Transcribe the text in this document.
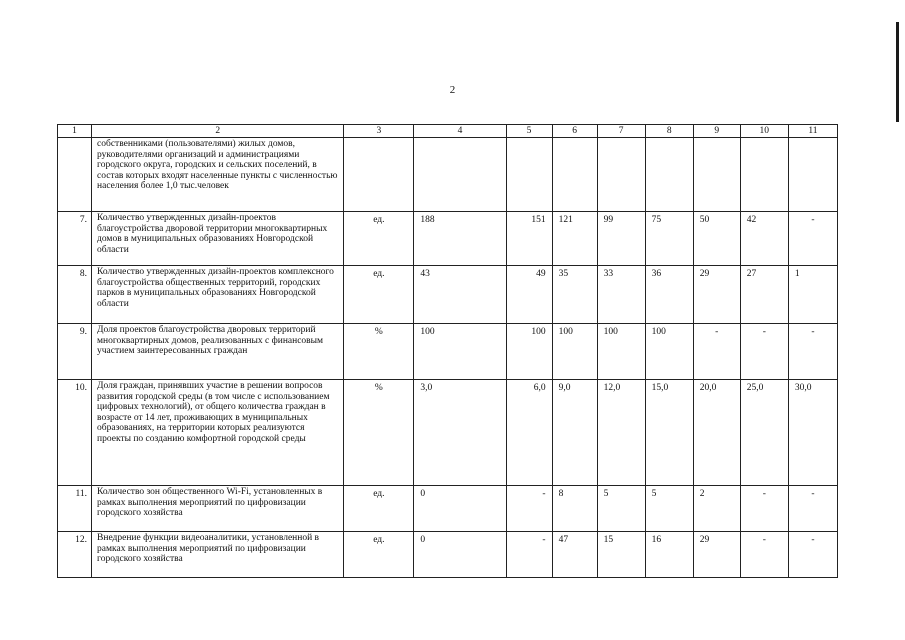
2
1	2	3	4	5	6	7	8	9	10	11
	собственниками (пользователями) жилых домов, руководителями организаций и администрациями городского округа, городских и сельских поселений, в состав которых входят населенные пункты с численностью населения более 1,0 тыс.человек									
7.	Количество утвержденных дизайн-проектов благоустройства дворовой территории многоквартирных домов в муниципальных образованиях Новгородской области	ед.	188	151	121	99	75	50	42	-
8.	Количество утвержденных дизайн-проектов комплексного благоустройства общественных территорий, городских парков в муниципальных образованиях Новгородской области	ед.	43	49	35	33	36	29	27	1
9.	Доля проектов благоустройства дворовых территорий многоквартирных домов, реализованных с финансовым участием заинтересованных граждан	%	100	100	100	100	100	-	-	-
10.	Доля граждан, принявших участие в решении вопросов развития городской среды (в том числе с использованием цифровых технологий), от общего количества граждан в возрасте от 14 лет, проживающих в муниципальных образованиях, на территории которых реализуются проекты по созданию комфортной городской среды	%	3,0	6,0	9,0	12,0	15,0	20,0	25,0	30,0
11.	Количество зон общественного Wi-Fi, установленных в рамках выполнения мероприятий по цифровизации городского хозяйства	ед.	0	-	8	5	5	2	-	-
12.	Внедрение функции видеоаналитики, установленной в рамках выполнения мероприятий по цифровизации городского хозяйства	ед.	0	-	47	15	16	29	-	-
